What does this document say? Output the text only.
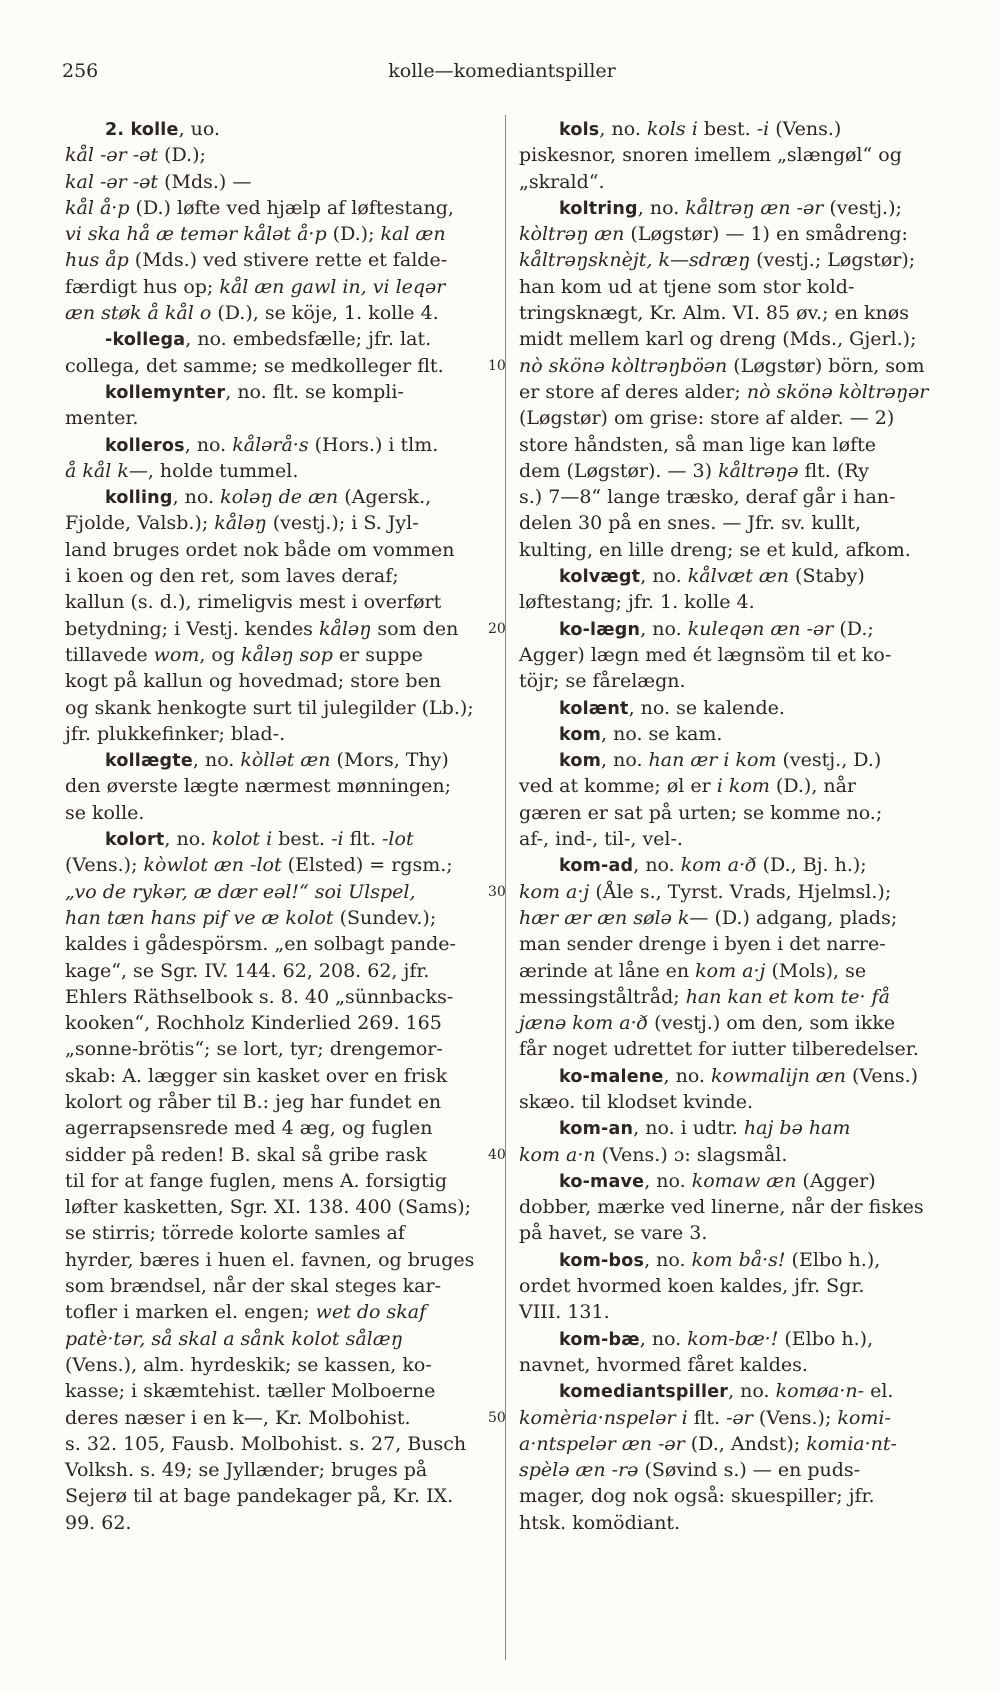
256	kolle—komediantspiller
2. kolle, uo.
kål -ər -ət (D.);
kal -ər -ət (Mds.) —
kål å·p (D.) løfte ved hjælp af løftestang,
vi ska hå æ temər kålət å·p (D.); kal æn
hus åp (Mds.) ved stivere rette et falde-
færdigt hus op; kål æn gawl in, vi leqər
æn støk å kål o (D.), se köje, 1. kolle 4.
-kollega, no. embedsfælle; jfr. lat.
collega, det samme; se medkolleger flt.
kollemynter, no. flt. se kompli-
menter.
kolleros, no. kålərå·s (Hors.) i tlm.
å kål k—, holde tummel.
kolling, no. koləŋ de æn (Agersk.,
Fjolde, Valsb.); kåləŋ (vestj.); i S. Jyl-
land bruges ordet nok både om vommen
i koen og den ret, som laves deraf;
kallun (s. d.), rimeligvis mest i overført
betydning; i Vestj. kendes kåləŋ som den
tillavede wom, og kåləŋ sop er suppe
kogt på kallun og hovedmad; store ben
og skank henkogte surt til julegilder (Lb.);
jfr. plukkefinker; blad-.
kollægte, no. kòllət æn (Mors, Thy)
den øverste lægte nærmest mønningen;
se kolle.
kolort, no. kolot i best. -i flt. -lot
(Vens.); kòwlot æn -lot (Elsted) = rgsm.;
„vo de rykər, æ dær eəl!“ soi Ulspel,
han tæn hans pif ve æ kolot (Sundev.);
kaldes i gådespörsm. „en solbagt pande-
kage“, se Sgr. IV. 144. 62, 208. 62, jfr.
Ehlers Räthselbook s. 8. 40 „sünnbacks-
kooken“, Rochholz Kinderlied 269. 165
„sonne-brötis“; se lort, tyr; drengemor-
skab: A. lægger sin kasket over en frisk
kolort og råber til B.: jeg har fundet en
agerrapsensrede med 4 æg, og fuglen
sidder på reden! B. skal så gribe rask
til for at fange fuglen, mens A. forsigtig
løfter kasketten, Sgr. XI. 138. 400 (Sams);
se stirris; törrede kolorte samles af
hyrder, bæres i huen el. favnen, og bruges
som brændsel, når der skal steges kar-
tofler i marken el. engen; wet do skaf
patè·tər, så skal a sånk kolot sålæŋ
(Vens.), alm. hyrdeskik; se kassen, ko-
kasse; i skæmtehist. tæller Molboerne
deres næser i en k—, Kr. Molbohist.
s. 32. 105, Fausb. Molbohist. s. 27, Busch
Volksh. s. 49; se Jyllænder; bruges på
Sejerø til at bage pandekager på, Kr. IX.
99. 62.
10
20
30
40
50
kols, no. kols i best. -i (Vens.)
piskesnor, snoren imellem „slængøl“ og
„skrald“.
koltring, no. kåltrəŋ æn -ər (vestj.);
kòltrəŋ æn (Løgstør) — 1) en smådreng:
kåltrəŋsknèjt, k—sdræŋ (vestj.; Løgstør);
han kom ud at tjene som stor kold-
tringsknægt, Kr. Alm. VI. 85 øv.; en knøs
midt mellem karl og dreng (Mds., Gjerl.);
nò skönə kòltrəŋböən (Løgstør) börn, som
er store af deres alder; nò skönə kòltrəŋər
(Løgstør) om grise: store af alder. — 2)
store håndsten, så man lige kan løfte
dem (Løgstør). — 3) kåltrəŋə flt. (Ry
s.) 7—8“ lange træsko, deraf går i han-
delen 30 på en snes. — Jfr. sv. kullt,
kulting, en lille dreng; se et kuld, afkom.
kolvægt, no. kålvæt æn (Staby)
løftestang; jfr. 1. kolle 4.
ko-lægn, no. kuleqən æn -ər (D.;
Agger) lægn med ét lægnsöm til et ko-
töjr; se fårelægn.
kolænt, no. se kalende.
kom, no. se kam.
kom, no. han ær i kom (vestj., D.)
ved at komme; øl er i kom (D.), når
gæren er sat på urten; se komme no.;
af-, ind-, til-, vel-.
kom-ad, no. kom a·ð (D., Bj. h.);
kom a·j (Åle s., Tyrst. Vrads, Hjelmsl.);
hær ær æn sølə k— (D.) adgang, plads;
man sender drenge i byen i det narre-
ærinde at låne en kom a·j (Mols), se
messingståltråd; han kan et kom te· få
jænə kom a·ð (vestj.) om den, som ikke
får noget udrettet for iutter tilberedelser.
ko-malene, no. kowmalijn æn (Vens.)
skæo. til klodset kvinde.
kom-an, no. i udtr. haj bə ham
kom a·n (Vens.) ɔ: slagsmål.
ko-mave, no. komaw æn (Agger)
dobber, mærke ved linerne, når der fiskes
på havet, se vare 3.
kom-bos, no. kom bå·s! (Elbo h.),
ordet hvormed koen kaldes, jfr. Sgr.
VIII. 131.
kom-bæ, no. kom-bæ·! (Elbo h.),
navnet, hvormed fåret kaldes.
komediantspiller, no. komøa·n- el.
komèria·nspelər i flt. -ər (Vens.); komi-
a·ntspelər æn -ər (D., Andst); komia·nt-
spèlə æn -rə (Søvind s.) — en puds-
mager, dog nok også: skuespiller; jfr.
htsk. komödiant.
